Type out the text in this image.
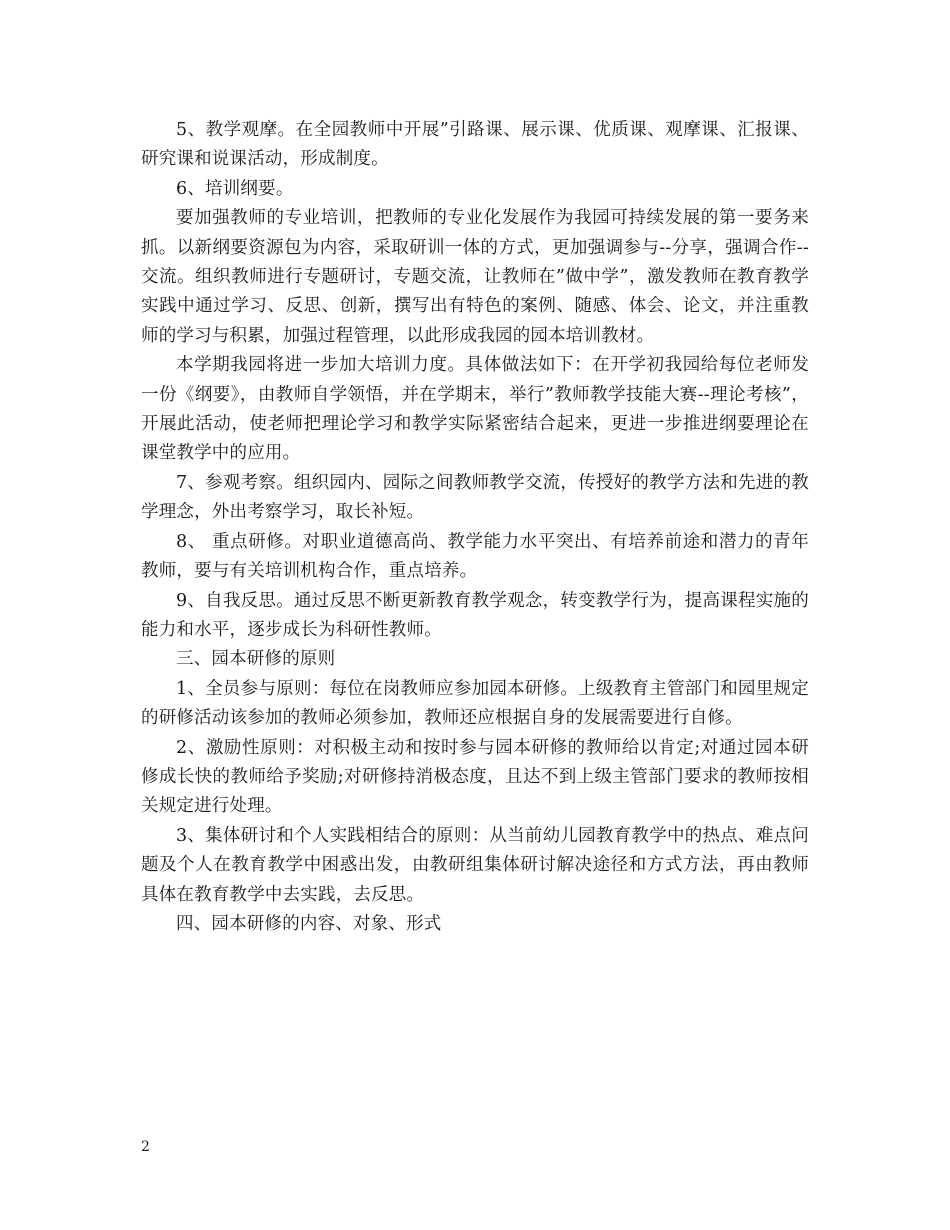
5、教学观摩。在全园教师中开展”引路课、展示课、优质课、观摩课、汇报课、研究课和说课活动，形成制度。

6、培训纲要。

要加强教师的专业培训，把教师的专业化发展作为我园可持续发展的第一要务来抓。以新纲要资源包为内容，采取研训一体的方式，更加强调参与--分享，强调合作--交流。组织教师进行专题研讨，专题交流，让教师在”做中学”，激发教师在教育教学实践中通过学习、反思、创新，撰写出有特色的案例、随感、体会、论文，并注重教师的学习与积累，加强过程管理，以此形成我园的园本培训教材。

本学期我园将进一步加大培训力度。具体做法如下：在开学初我园给每位老师发一份《纲要》，由教师自学领悟，并在学期末，举行”教师教学技能大赛--理论考核”，开展此活动，使老师把理论学习和教学实际紧密结合起来，更进一步推进纲要理论在课堂教学中的应用。

7、参观考察。组织园内、园际之间教师教学交流，传授好的教学方法和先进的教学理念，外出考察学习，取长补短。

8、 重点研修。对职业道德高尚、教学能力水平突出、有培养前途和潜力的青年教师，要与有关培训机构合作，重点培养。

9、自我反思。通过反思不断更新教育教学观念，转变教学行为，提高课程实施的能力和水平，逐步成长为科研性教师。

三、园本研修的原则

1、全员参与原则：每位在岗教师应参加园本研修。上级教育主管部门和园里规定的研修活动该参加的教师必须参加，教师还应根据自身的发展需要进行自修。

2、激励性原则：对积极主动和按时参与园本研修的教师给以肯定;对通过园本研修成长快的教师给予奖励;对研修持消极态度，且达不到上级主管部门要求的教师按相关规定进行处理。

3、集体研讨和个人实践相结合的原则：从当前幼儿园教育教学中的热点、难点问题及个人在教育教学中困惑出发，由教研组集体研讨解决途径和方式方法，再由教师具体在教育教学中去实践，去反思。

四、园本研修的内容、对象、形式

2
